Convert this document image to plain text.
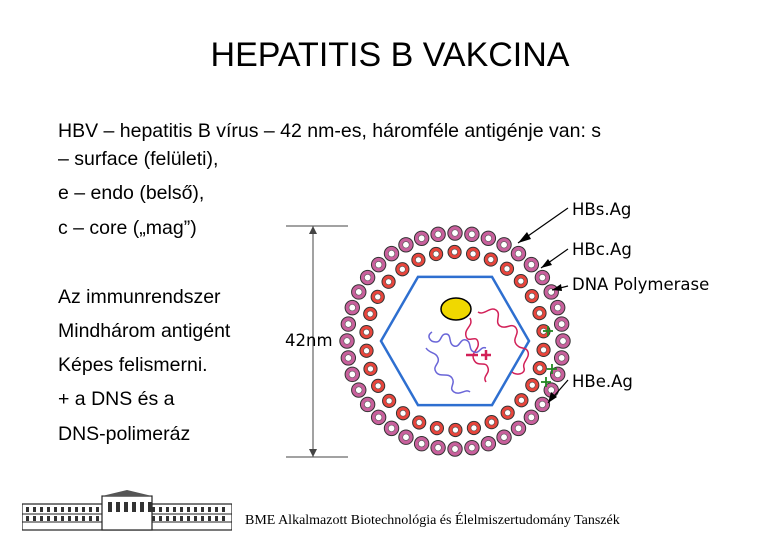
HEPATITIS B VAKCINA
HBV – hepatitis B vírus – 42 nm-es, háromféle antigénje van: s
– surface (felületi),
e – endo (belső),
c – core („mag”)
Az immunrendszer
Mindhárom antigént
Képes felismerni.
+ a DNS és a
DNS-polimeráz
42nm
HBs.Ag
HBc.Ag
DNA Polymerase
HBe.Ag
BME Alkalmazott Biotechnológia és Élelmiszertudomány Tanszék
